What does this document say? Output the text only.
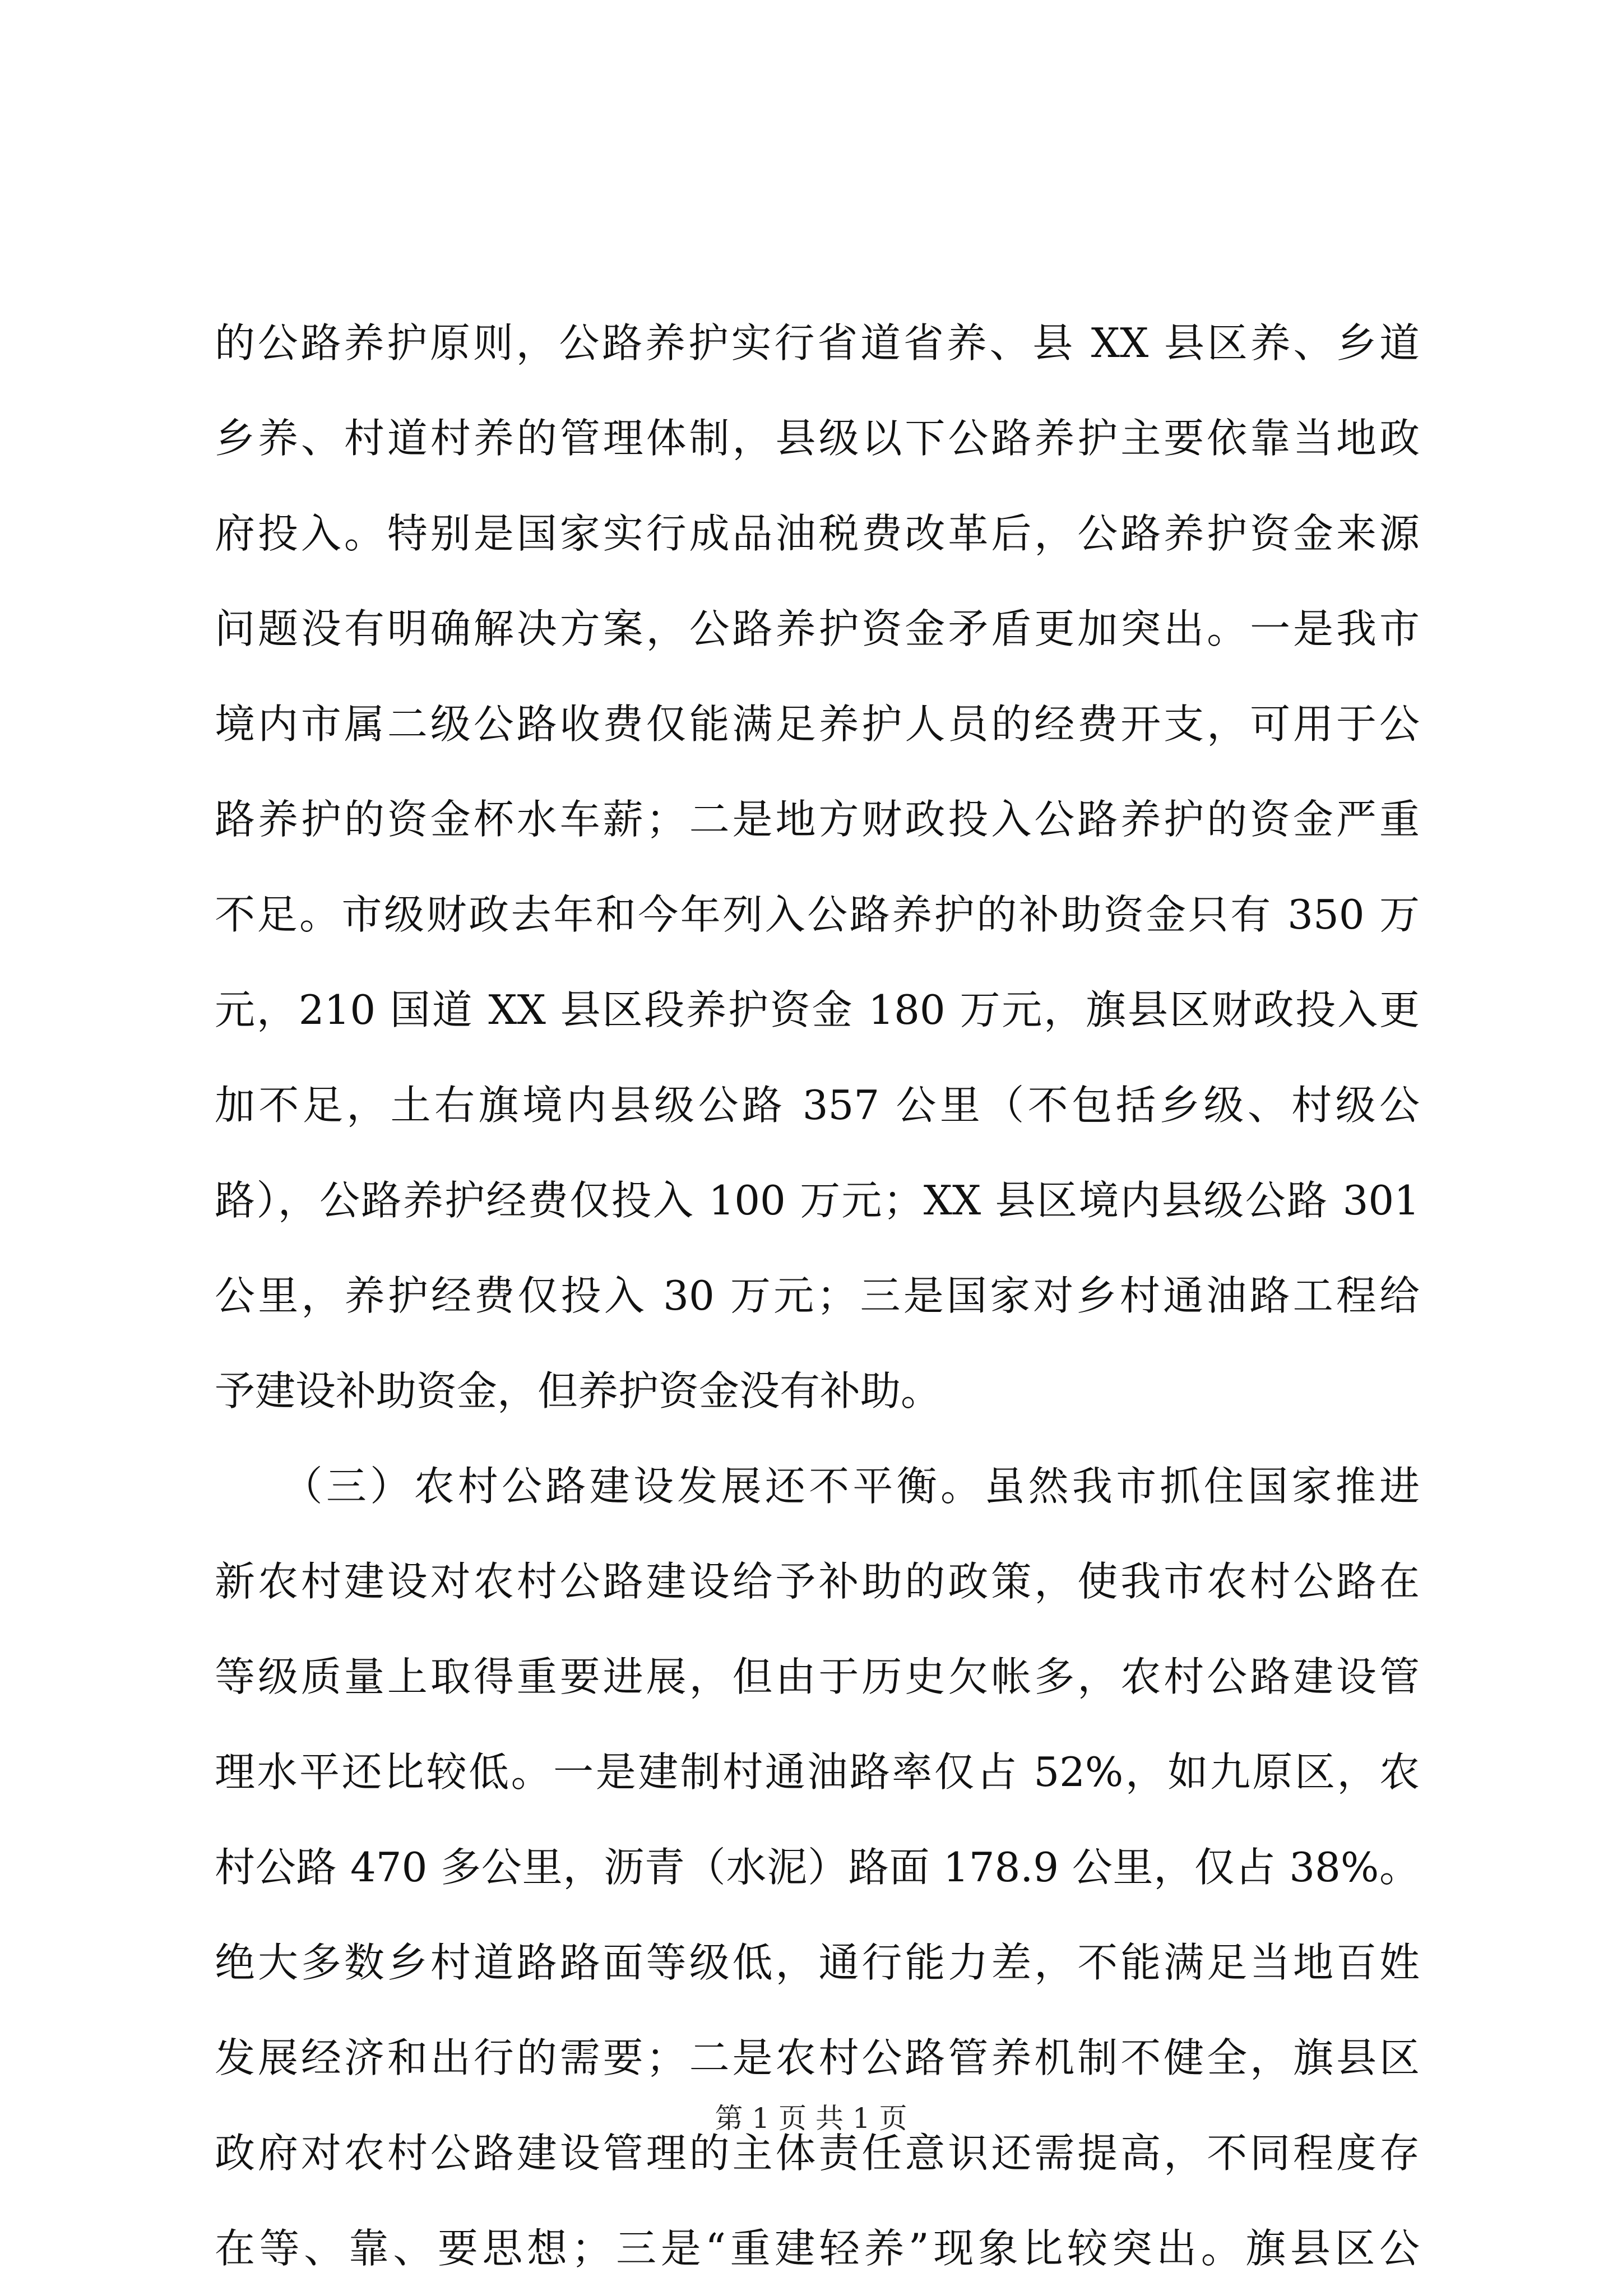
的公路养护原则，公路养护实行省道省养、县 XX 县区养、乡道
乡养、村道村养的管理体制，县级以下公路养护主要依靠当地政
府投入。特别是国家实行成品油税费改革后，公路养护资金来源
问题没有明确解决方案，公路养护资金矛盾更加突出。一是我市
境内市属二级公路收费仅能满足养护人员的经费开支，可用于公
路养护的资金杯水车薪；二是地方财政投入公路养护的资金严重
不足。市级财政去年和今年列入公路养护的补助资金只有 350 万
元，210 国道 XX 县区段养护资金 180 万元，旗县区财政投入更
加不足，土右旗境内县级公路 357 公里（不包括乡级、村级公
路），公路养护经费仅投入 100 万元；XX 县区境内县级公路 301
公里，养护经费仅投入 30 万元；三是国家对乡村通油路工程给
予建设补助资金，但养护资金没有补助。
　　（三）农村公路建设发展还不平衡。虽然我市抓住国家推进
新农村建设对农村公路建设给予补助的政策，使我市农村公路在
等级质量上取得重要进展，但由于历史欠帐多，农村公路建设管
理水平还比较低。一是建制村通油路率仅占 52%，如九原区，农
村公路 470 多公里，沥青（水泥）路面 178.9 公里，仅占 38%。
绝大多数乡村道路路面等级低，通行能力差，不能满足当地百姓
发展经济和出行的需要；二是农村公路管养机制不健全，旗县区
政府对农村公路建设管理的主体责任意识还需提高，不同程度存
在等、靠、要思想；三是“重建轻养”现象比较突出。旗县区公
第 1 页 共 1 页
